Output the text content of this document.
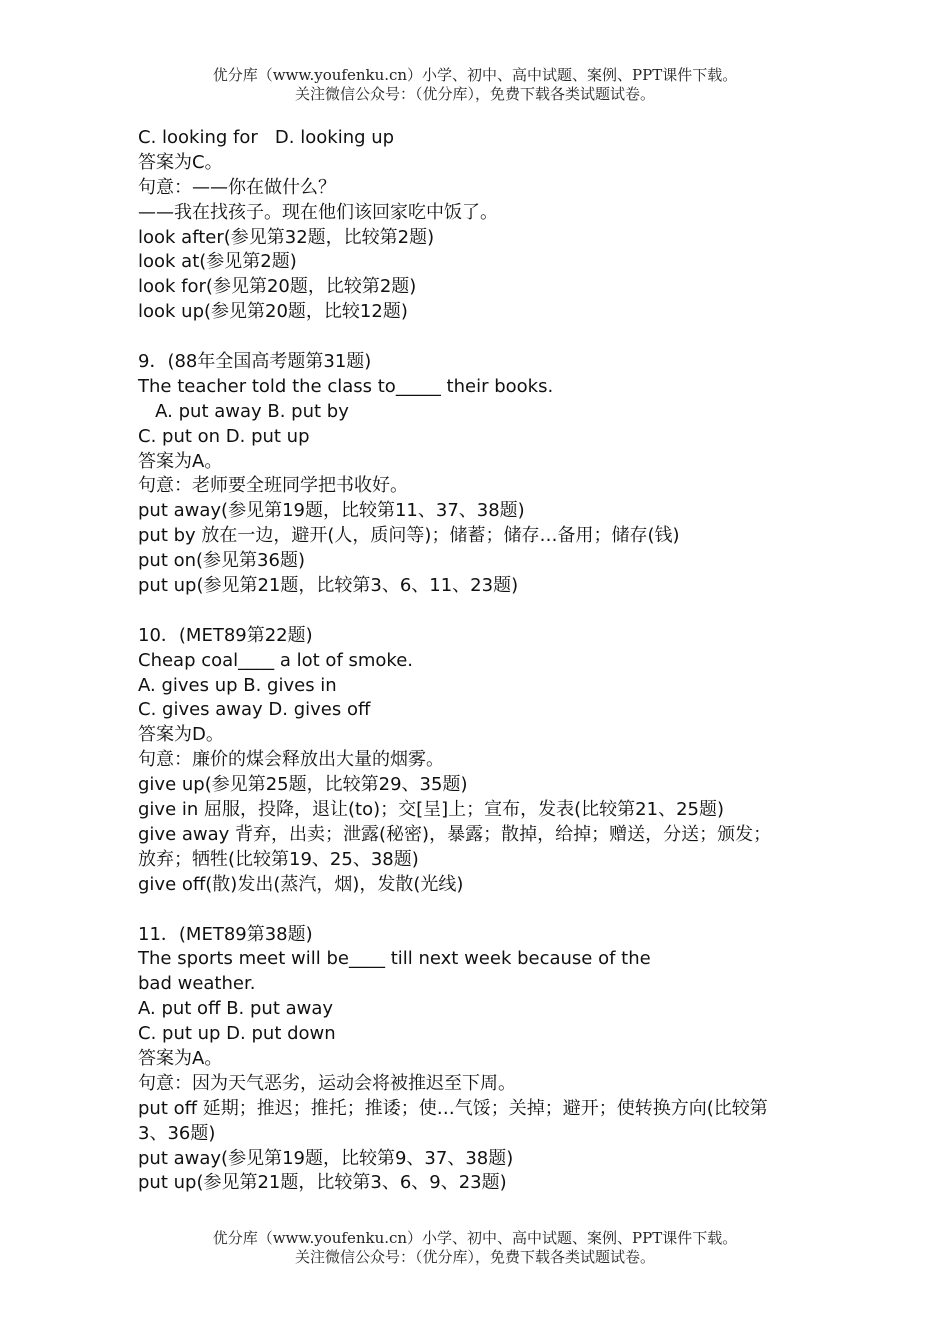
优分库（www.youfenku.cn）小学、初中、高中试题、案例、PPT课件下载。
关注微信公众号：（优分库），免费下载各类试题试卷。
C. looking for   D. looking up
答案为C。
句意：——你在做什么？
——我在找孩子。现在他们该回家吃中饭了。
look after(参见第32题，比较第2题)
look at(参见第2题)
look for(参见第20题，比较第2题)
look up(参见第20题，比较12题)
9．(88年全国高考题第31题)
The teacher told the class to_____ their books.
A. put away B. put by
C. put on D. put up
答案为A。
句意：老师要全班同学把书收好。
put away(参见第19题，比较第11、37、38题)
put by 放在一边，避开(人，质问等)；储蓄；储存…备用；储存(钱)
put on(参见第36题)
put up(参见第21题，比较第3、6、11、23题)
10．(MET89第22题)
Cheap coal____ a lot of smoke.
A. gives up B. gives in
C. gives away D. gives off
答案为D。
句意：廉价的煤会释放出大量的烟雾。
give up(参见第25题，比较第29、35题)
give in 屈服，投降，退让(to)；交[呈]上；宣布，发表(比较第21、25题)
give away 背弃，出卖；泄露(秘密)，暴露；散掉，给掉；赠送，分送；颁发；
放弃；牺牲(比较第19、25、38题)
give off(散)发出(蒸汽，烟)，发散(光线)
11．(MET89第38题)
The sports meet will be____ till next week because of the
bad weather.
A. put off B. put away
C. put up D. put down
答案为A。
句意：因为天气恶劣，运动会将被推迟至下周。
put off 延期；推迟；推托；推诿；使…气馁；关掉；避开；使转换方向(比较第
3、36题)
put away(参见第19题，比较第9、37、38题)
put up(参见第21题，比较第3、6、9、23题)
优分库（www.youfenku.cn）小学、初中、高中试题、案例、PPT课件下载。
关注微信公众号：（优分库），免费下载各类试题试卷。
